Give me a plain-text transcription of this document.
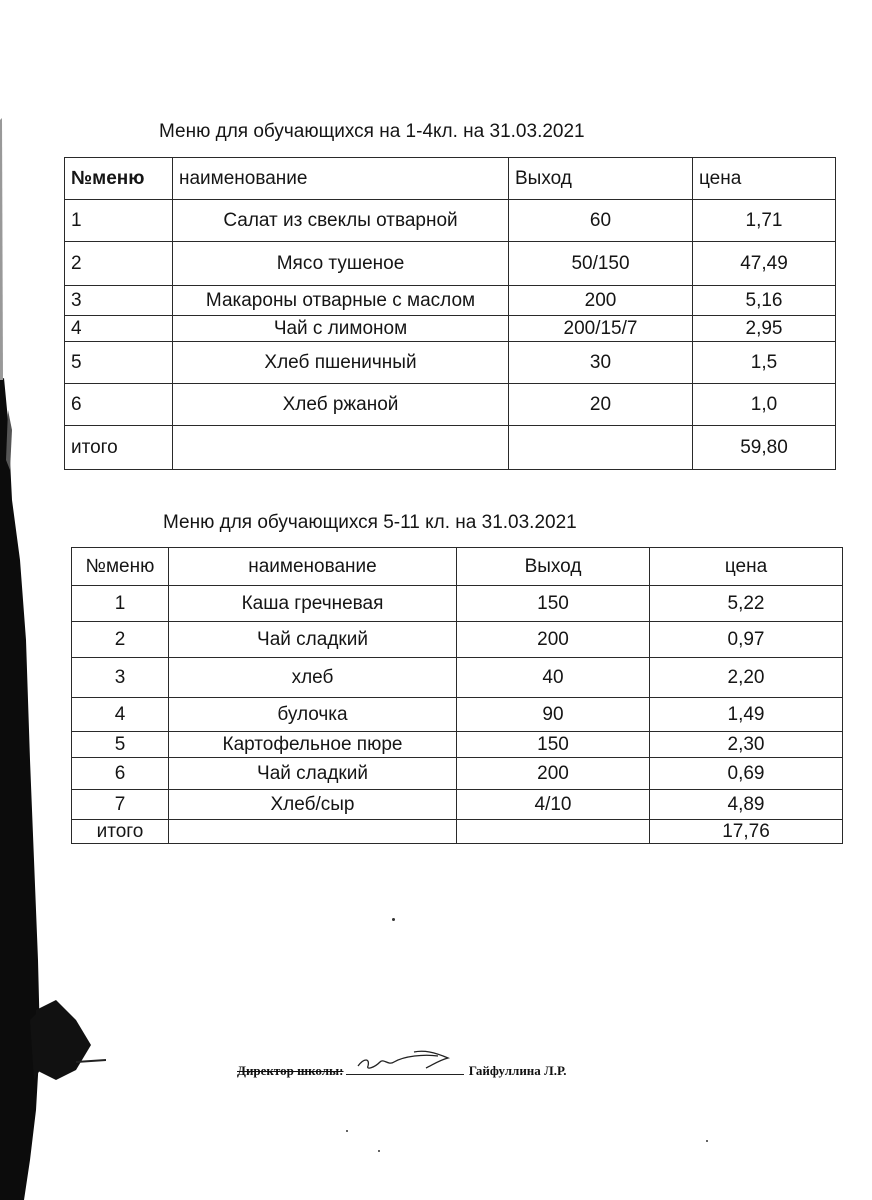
Меню для обучающихся на 1-4кл. на 31.03.2021
№меню	наименование	Выход	цена
1	Салат из свеклы отварной	60	1,71
2	Мясо тушеное	50/150	47,49
3	Макароны отварные с маслом	200	5,16
4	Чай с лимоном	200/15/7	2,95
5	Хлеб пшеничный	30	1,5
6	Хлеб ржаной	20	1,0
итого			59,80
Меню для обучающихся 5-11 кл. на 31.03.2021
№меню	наименование	Выход	цена
1	Каша гречневая	150	5,22
2	Чай сладкий	200	0,97
3	хлеб	40	2,20
4	булочка	90	1,49
5	Картофельное пюре	150	2,30
6	Чай сладкий	200	0,69
7	Хлеб/сыр	4/10	4,89
итого			17,76
Директор школы:	Гайфуллина Л.Р.
